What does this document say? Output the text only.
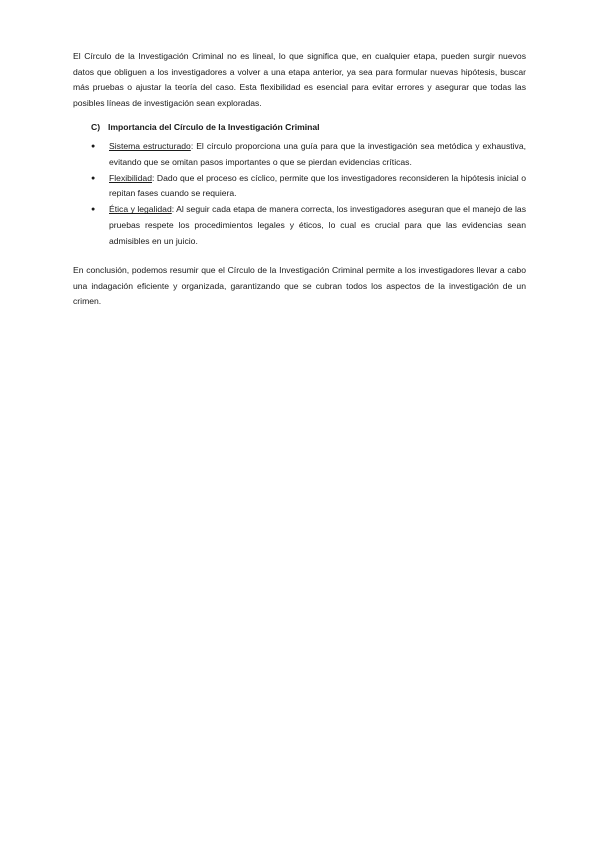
El Círculo de la Investigación Criminal no es lineal, lo que significa que, en cualquier etapa, pueden surgir nuevos datos que obliguen a los investigadores a volver a una etapa anterior, ya sea para formular nuevas hipótesis, buscar más pruebas o ajustar la teoría del caso. Esta flexibilidad es esencial para evitar errores y asegurar que todas las posibles líneas de investigación sean exploradas.

C) Importancia del Círculo de la Investigación Criminal

● Sistema estructurado: El círculo proporciona una guía para que la investigación sea metódica y exhaustiva, evitando que se omitan pasos importantes o que se pierdan evidencias críticas.
● Flexibilidad: Dado que el proceso es cíclico, permite que los investigadores reconsideren la hipótesis inicial o repitan fases cuando se requiera.
● Ética y legalidad: Al seguir cada etapa de manera correcta, los investigadores aseguran que el manejo de las pruebas respete los procedimientos legales y éticos, lo cual es crucial para que las evidencias sean admisibles en un juicio.

En conclusión, podemos resumir que el Círculo de la Investigación Criminal permite a los investigadores llevar a cabo una indagación eficiente y organizada, garantizando que se cubran todos los aspectos de la investigación de un crimen.
